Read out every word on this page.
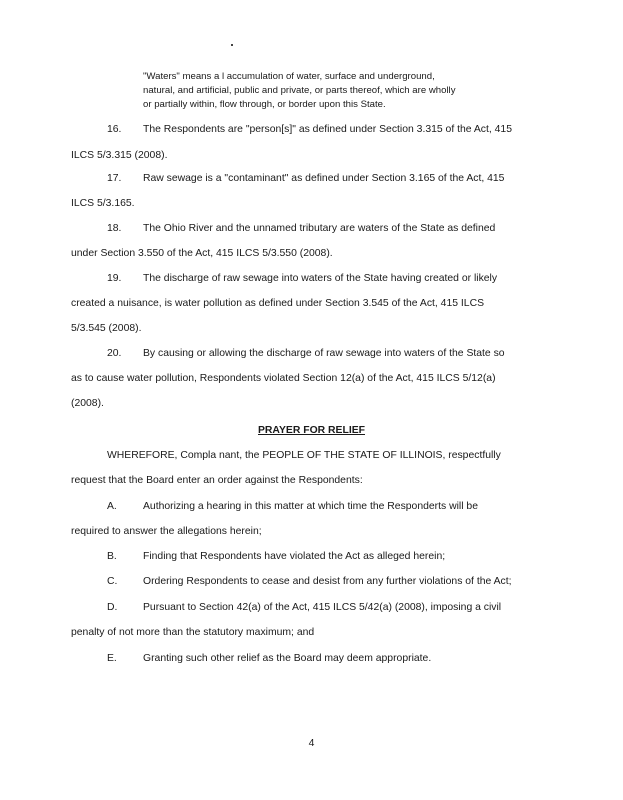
"Waters" means a l accumulation of water, surface and underground,
natural, and artificial, public and private, or parts thereof, which are wholly
or partially within, flow through, or border upon this State.
16. The Respondents are "person[s]" as defined under Section 3.315 of the Act, 415
ILCS 5/3.315 (2008).
17. Raw sewage is a "contaminant" as defined under Section 3.165 of the Act, 415
ILCS 5/3.165.
18. The Ohio River and the unnamed tributary are waters of the State as defined
under Section 3.550 of the Act, 415 ILCS 5/3.550 (2008).
19. The discharge of raw sewage into waters of the State having created or likely
created a nuisance, is water pollution as defined under Section 3.545 of the Act, 415 ILCS
5/3.545 (2008).
20. By causing or allowing the discharge of raw sewage into waters of the State so
as to cause water pollution, Respondents violated Section 12(a) of the Act, 415 ILCS 5/12(a)
(2008).
PRAYER FOR RELIEF
WHEREFORE, Compla nant, the PEOPLE OF THE STATE OF ILLINOIS, respectfully
request that the Board enter an order against the Respondents:
A.	Authorizing a hearing in this matter at which time the Responderts will be
required to answer the allegations herein;
B.	Finding that Respondents have violated the Act as alleged herein;
C. Ordering Respondents to cease and desist from any further violations of the Act;
D. Pursuant to Section 42(a) of the Act, 415 ILCS 5/42(a) (2008), imposing a civil
penalty of not more than the statutory maximum; and
E.	Granting such other relief as the Board may deem appropriate.
4
